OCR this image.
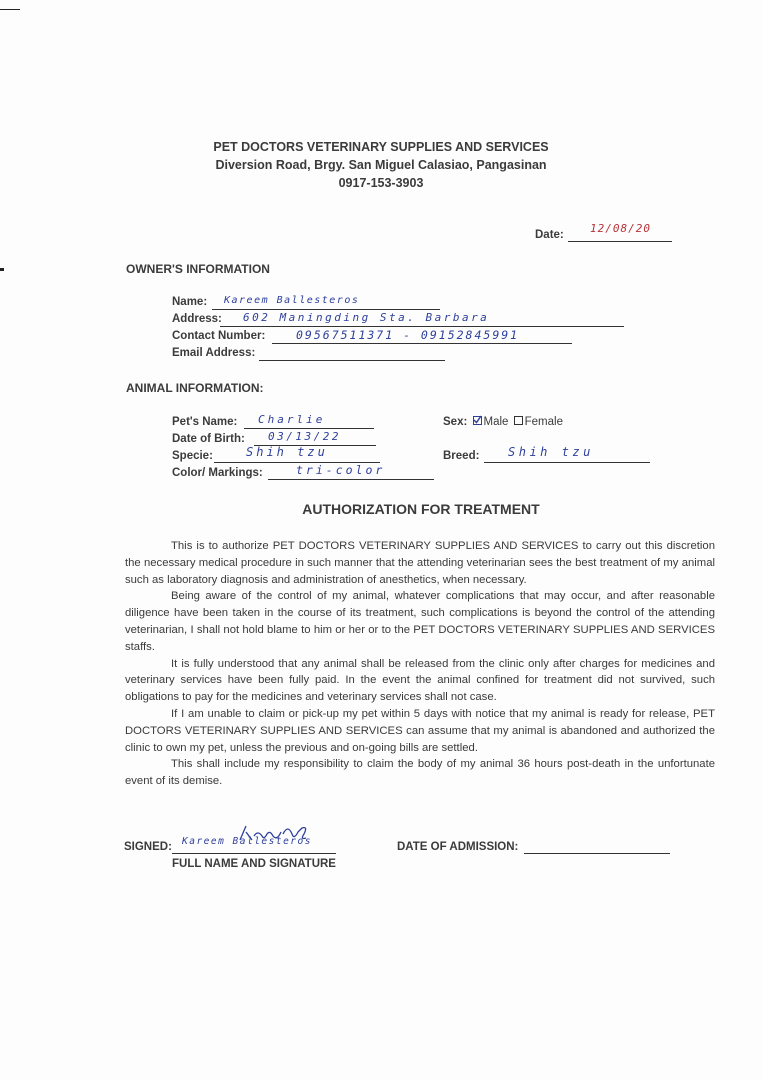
PET DOCTORS VETERINARY SUPPLIES AND SERVICES
Diversion Road, Brgy. San Miguel Calasiao, Pangasinan
0917-153-3903
Date: 12/08/20
OWNER'S INFORMATION
Name: Kareem Ballesteros
Address: 602 Maningding Sta. Barbara
Contact Number:	09567511371 - 09152845991
Email Address:
ANIMAL INFORMATION:
Pet's Name: Charlie
Date of Birth: 03/13/22
Specie:	Shih tzu
Color/ Markings:	tri-color
Sex: Male Female
Breed: Shih tzu
AUTHORIZATION FOR TREATMENT

This is to authorize PET DOCTORS VETERINARY SUPPLIES AND SERVICES to carry out this discretion the necessary medical procedure in such manner that the attending veterinarian sees the best treatment of my animal such as laboratory diagnosis and administration of anesthetics, when necessary.

Being aware of the control of my animal, whatever complications that may occur, and after reasonable diligence have been taken in the course of its treatment, such complications is beyond the control of the attending veterinarian, I shall not hold blame to him or her or to the PET DOCTORS VETERINARY SUPPLIES AND SERVICES staffs.

It is fully understood that any animal shall be released from the clinic only after charges for medicines and veterinary services have been fully paid. In the event the animal confined for treatment did not survived, such obligations to pay for the medicines and veterinary services shall not case.

If I am unable to claim or pick-up my pet within 5 days with notice that my animal is ready for release, PET DOCTORS VETERINARY SUPPLIES AND SERVICES can assume that my animal is abandoned and authorized the clinic to own my pet, unless the previous and on-going bills are settled.

This shall include my responsibility to claim the body of my animal 36 hours post-death in the unfortunate event of its demise.

SIGNED: Kareem Ballesteros
FULL NAME AND SIGNATURE
DATE OF ADMISSION:
